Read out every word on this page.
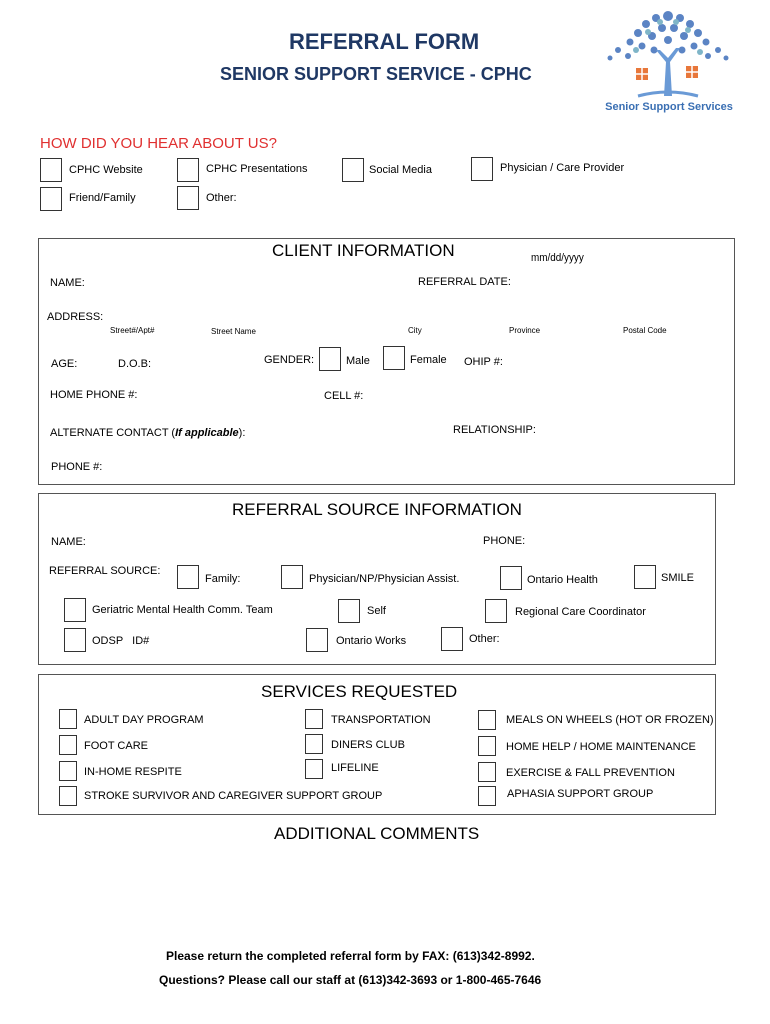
REFERRAL FORM
SENIOR SUPPORT SERVICE - CPHC
Senior Support Services
HOW DID YOU HEAR ABOUT US?
CPHC Website	CPHC Presentations	Social Media	Physician / Care Provider
Friend/Family	Other:
CLIENT INFORMATION	mm/dd/yyyy
NAME:	REFERRAL DATE:
ADDRESS:
Street#/Apt#	Street Name	City	Province	Postal Code
AGE:	D.O.B:	GENDER:	Male	Female OHIP #:
HOME PHONE #:	CELL #:
ALTERNATE CONTACT (If applicable):	RELATIONSHIP:
PHONE #:
REFERRAL SOURCE INFORMATION
NAME:	PHONE:
REFERRAL SOURCE:
Family:	Physician/NP/Physician Assist.	Ontario Health	SMILE
Geriatric Mental Health Comm. Team	Self	Regional Care Coordinator
ODSP   ID#	Ontario Works	Other:
SERVICES REQUESTED
ADULT DAY PROGRAM	TRANSPORTATION	MEALS ON WHEELS (HOT OR FROZEN)
FOOT CARE	DINERS CLUB	HOME HELP / HOME MAINTENANCE
IN-HOME RESPITE	LIFELINE	EXERCISE & FALL PREVENTION
STROKE SURVIVOR AND CAREGIVER SUPPORT GROUP	APHASIA SUPPORT GROUP
ADDITIONAL COMMENTS
Please return the completed referral form by FAX: (613)342-8992.
Questions? Please call our staff at (613)342-3693 or 1-800-465-7646
